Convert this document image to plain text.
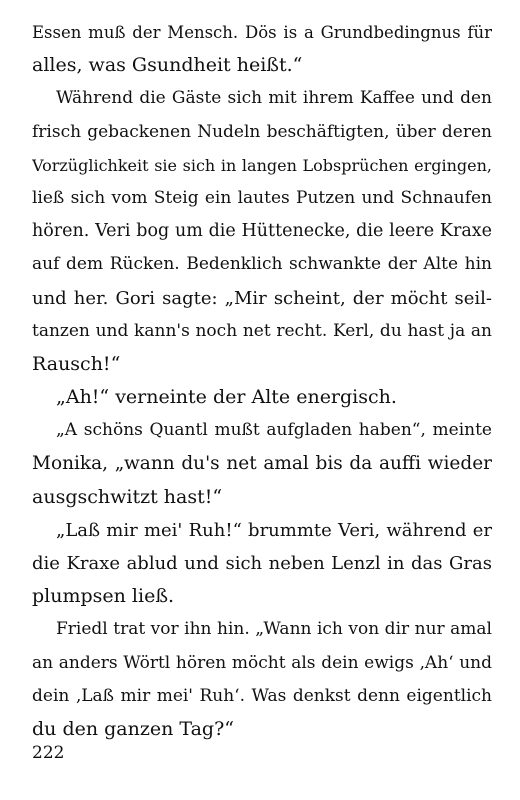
Essen muß der Mensch. Dös is a Grundbedingnus für
alles, was Gsundheit heißt.“
Während die Gäste sich mit ihrem Kaffee und den
frisch gebackenen Nudeln beschäftigten, über deren
Vorzüglichkeit sie sich in langen Lobsprüchen ergingen,
ließ sich vom Steig ein lautes Putzen und Schnaufen
hören. Veri bog um die Hüttenecke, die leere Kraxe
auf dem Rücken. Bedenklich schwankte der Alte hin
und her. Gori sagte: „Mir scheint, der möcht seil-
tanzen und kann's noch net recht. Kerl, du hast ja an
Rausch!“
„Ah!“ verneinte der Alte energisch.
„A schöns Quantl mußt aufgladen haben“, meinte
Monika, „wann du's net amal bis da auffi wieder
ausgschwitzt hast!“
„Laß mir mei' Ruh!“ brummte Veri, während er
die Kraxe ablud und sich neben Lenzl in das Gras
plumpsen ließ.
Friedl trat vor ihn hin. „Wann ich von dir nur amal
an anders Wörtl hören möcht als dein ewigs ‚Ah‘ und
dein ‚Laß mir mei' Ruh‘. Was denkst denn eigentlich
du den ganzen Tag?“
222
